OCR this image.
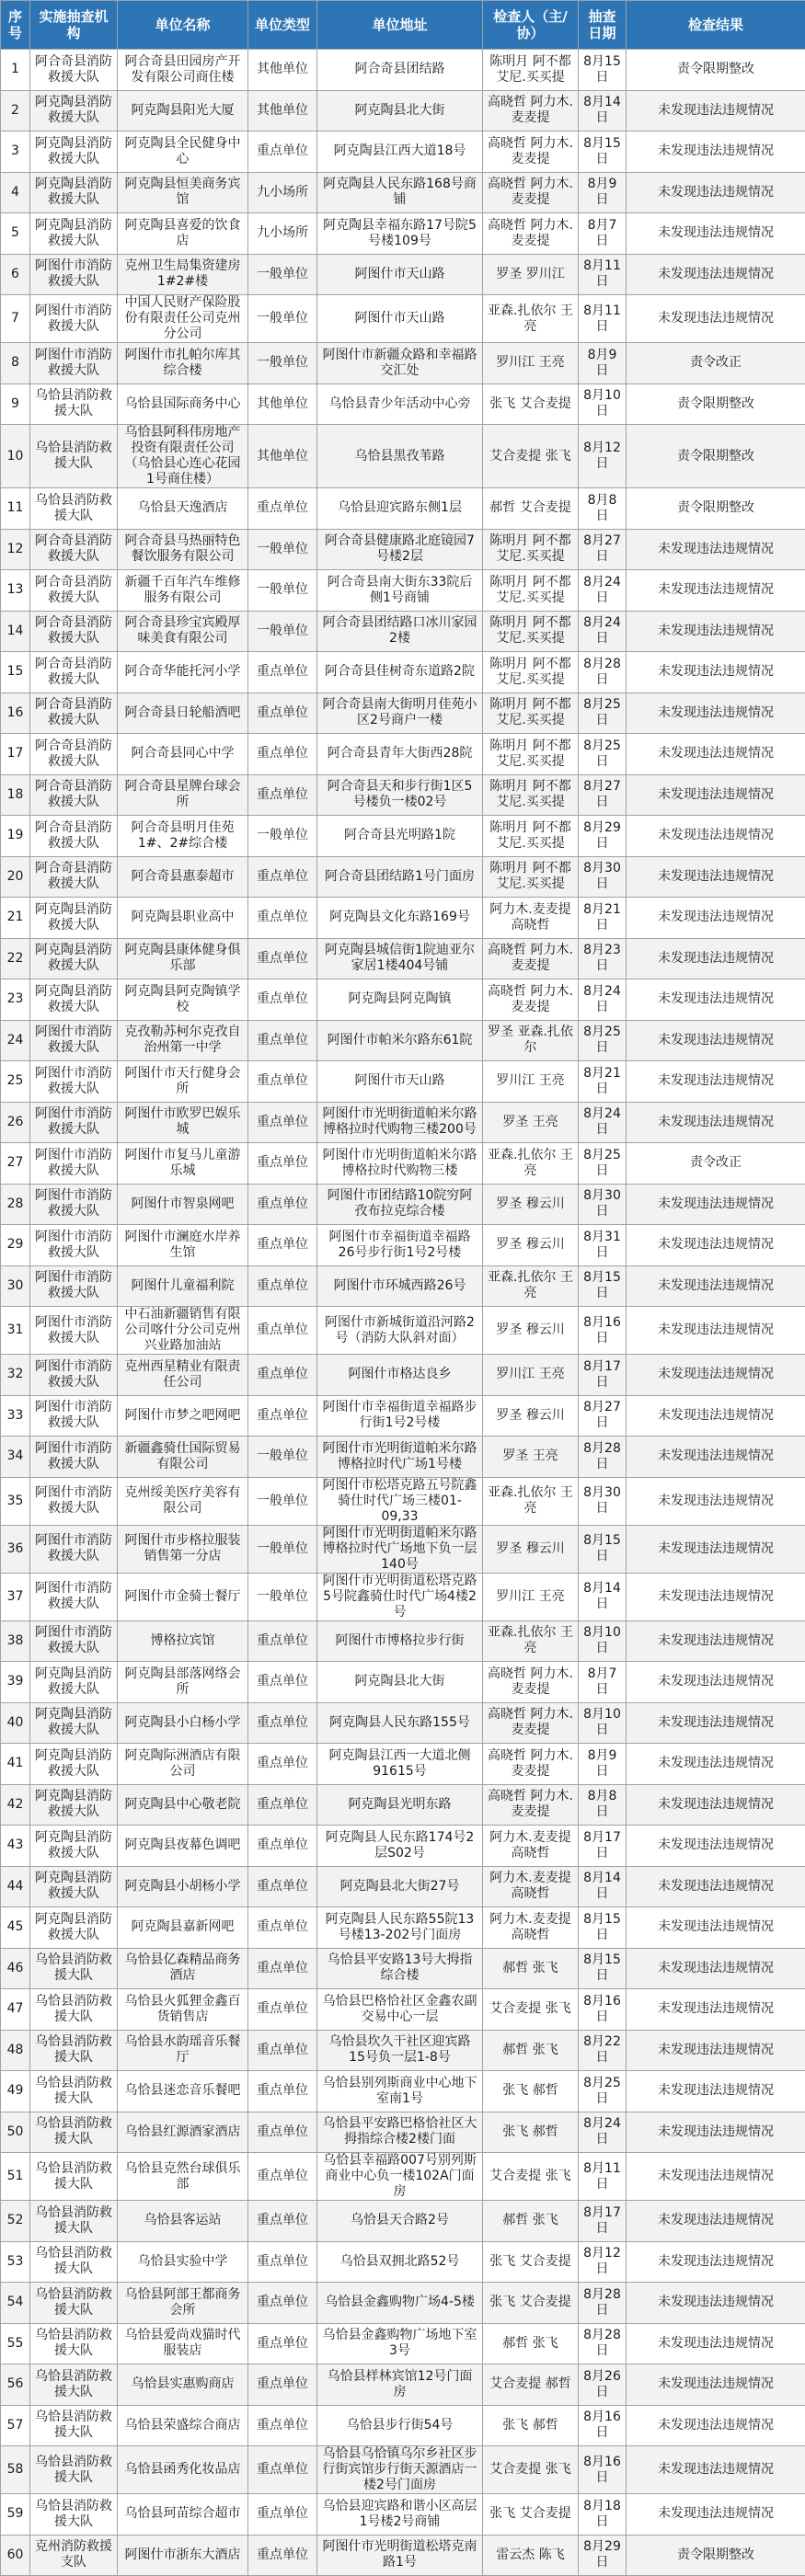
序号	实施抽查机构	单位名称	单位类型	单位地址	检查人（主/协）	抽查日期	检查结果
1	阿合奇县消防救援大队	阿合奇县田园房产开发有限公司商住楼	其他单位	阿合奇县团结路	陈明月 阿不都艾尼.买买提	8月15日	责令限期整改
2	阿克陶县消防救援大队	阿克陶县阳光大厦	其他单位	阿克陶县北大街	高晓哲 阿力木.麦麦提	8月14日	未发现违法违规情况
3	阿克陶县消防救援大队	阿克陶县全民健身中心	重点单位	阿克陶县江西大道18号	高晓哲 阿力木.麦麦提	8月15日	未发现违法违规情况
4	阿克陶县消防救援大队	阿克陶县恒美商务宾馆	九小场所	阿克陶县人民东路168号商铺	高晓哲 阿力木.麦麦提	8月9日	未发现违法违规情况
5	阿克陶县消防救援大队	阿克陶县喜爱的饮食店	九小场所	阿克陶县幸福东路17号院5号楼109号	高晓哲 阿力木.麦麦提	8月7日	未发现违法违规情况
6	阿图什市消防救援大队	克州卫生局集资建房1#2#楼	一般单位	阿图什市天山路	罗圣 罗川江	8月11日	未发现违法违规情况
7	阿图什市消防救援大队	中国人民财产保险股份有限责任公司克州分公司	一般单位	阿图什市天山路	亚森.扎依尔 王亮	8月11日	未发现违法违规情况
8	阿图什市消防救援大队	阿图什市扎帕尔库其综合楼	一般单位	阿图什市新疆众路和幸福路交汇处	罗川江 王亮	8月9日	责令改正
9	乌恰县消防救援大队	乌恰县国际商务中心	其他单位	乌恰县青少年活动中心旁	张飞 艾合麦提	8月10日	责令限期整改
10	乌恰县消防救援大队	乌恰县阿科伟房地产投资有限责任公司（乌恰县心连心花园1号商住楼）	其他单位	乌恰县黑孜苇路	艾合麦提 张飞	8月12日	责令限期整改
11	乌恰县消防救援大队	乌恰县天逸酒店	重点单位	乌恰县迎宾路东侧1层	郝哲 艾合麦提	8月8日	责令限期整改
12	阿合奇县消防救援大队	阿合奇县马热丽特色餐饮服务有限公司	一般单位	阿合奇县健康路北庭镜园7号楼2层	陈明月 阿不都艾尼.买买提	8月27日	未发现违法违规情况
13	阿合奇县消防救援大队	新疆千百年汽车维修服务有限公司	一般单位	阿合奇县南大街东33院后侧1号商铺	陈明月 阿不都艾尼.买买提	8月24日	未发现违法违规情况
14	阿合奇县消防救援大队	阿合奇县珍宝宾殿厚味美食有限公司	一般单位	阿合奇县团结路口冰川家园2楼	陈明月 阿不都艾尼.买买提	8月24日	未发现违法违规情况
15	阿合奇县消防救援大队	阿合奇华能托河小学	重点单位	阿合奇县佳树奇东道路2院	陈明月 阿不都艾尼.买买提	8月28日	未发现违法违规情况
16	阿合奇县消防救援大队	阿合奇县日轮船酒吧	重点单位	阿合奇县南大街明月佳苑小区2号商户一楼	陈明月 阿不都艾尼.买买提	8月25日	未发现违法违规情况
17	阿合奇县消防救援大队	阿合奇县同心中学	重点单位	阿合奇县青年大街西28院	陈明月 阿不都艾尼.买买提	8月25日	未发现违法违规情况
18	阿合奇县消防救援大队	阿合奇县星牌台球会所	重点单位	阿合奇县天和步行街1区5号楼负一楼02号	陈明月 阿不都艾尼.买买提	8月27日	未发现违法违规情况
19	阿合奇县消防救援大队	阿合奇县明月佳苑1#、2#综合楼	一般单位	阿合奇县光明路1院	陈明月 阿不都艾尼.买买提	8月29日	未发现违法违规情况
20	阿合奇县消防救援大队	阿合奇县惠泰超市	重点单位	阿合奇县团结路1号门面房	陈明月 阿不都艾尼.买买提	8月30日	未发现违法违规情况
21	阿克陶县消防救援大队	阿克陶县职业高中	重点单位	阿克陶县文化东路169号	阿力木.麦麦提 高晓哲	8月21日	未发现违法违规情况
22	阿克陶县消防救援大队	阿克陶县康体健身俱乐部	重点单位	阿克陶县城信街1院迪亚尔家居1楼404号铺	高晓哲 阿力木.麦麦提	8月23日	未发现违法违规情况
23	阿克陶县消防救援大队	阿克陶县阿克陶镇学校	重点单位	阿克陶县阿克陶镇	高晓哲 阿力木.麦麦提	8月24日	未发现违法违规情况
24	阿图什市消防救援大队	克孜勒苏柯尔克孜自治州第一中学	重点单位	阿图什市帕米尔路东61院	罗圣 亚森.扎依尔	8月25日	未发现违法违规情况
25	阿图什市消防救援大队	阿图什市天行健身会所	重点单位	阿图什市天山路	罗川江 王亮	8月21日	未发现违法违规情况
26	阿图什市消防救援大队	阿图什市欧罗巴娱乐城	重点单位	阿图什市光明街道帕米尔路博格拉时代购物三楼200号	罗圣 王亮	8月24日	未发现违法违规情况
27	阿图什市消防救援大队	阿图什市复马儿童游乐城	重点单位	阿图什市光明街道帕米尔路博格拉时代购物三楼	亚森.扎依尔 王亮	8月25日	责令改正
28	阿图什市消防救援大队	阿图什市智泉网吧	重点单位	阿图什市团结路10院穷阿孜布拉克综合楼	罗圣 穆云川	8月30日	未发现违法违规情况
29	阿图什市消防救援大队	阿图什市澜庭水岸养生馆	重点单位	阿图什市幸福街道幸福路26号步行街1号2号楼	罗圣 穆云川	8月31日	未发现违法违规情况
30	阿图什市消防救援大队	阿图什儿童福利院	重点单位	阿图什市环城西路26号	亚森.扎依尔 王亮	8月15日	未发现违法违规情况
31	阿图什市消防救援大队	中石油新疆销售有限公司喀什分公司克州兴业路加油站	重点单位	阿图什市新城街道沿河路2号（消防大队斜对面）	罗圣 穆云川	8月16日	未发现违法违规情况
32	阿图什市消防救援大队	克州西星精业有限责任公司	重点单位	阿图什市格达良乡	罗川江 王亮	8月17日	未发现违法违规情况
33	阿图什市消防救援大队	阿图什市梦之吧网吧	重点单位	阿图什市幸福街道幸福路步行街1号2号楼	罗圣 穆云川	8月27日	未发现违法违规情况
34	阿图什市消防救援大队	新疆鑫骑仕国际贸易有限公司	一般单位	阿图什市光明街道帕米尔路博格拉时代广场1号楼	罗圣 王亮	8月28日	未发现违法违规情况
35	阿图什市消防救援大队	克州绥美医疗美容有限公司	一般单位	阿图什市松塔克路五号院鑫骑仕时代广场三楼01-09,33	亚森.扎依尔 王亮	8月30日	未发现违法违规情况
36	阿图什市消防救援大队	阿图什市步格拉服装销售第一分店	一般单位	阿图什市光明街道帕米尔路博格拉时代广场地下负一层140号	罗圣 穆云川	8月15日	未发现违法违规情况
37	阿图什市消防救援大队	阿图什市金骑士餐厅	一般单位	阿图什市光明街道松塔克路5号院鑫骑仕时代广场4楼2号	罗川江 王亮	8月14日	未发现违法违规情况
38	阿图什市消防救援大队	博格拉宾馆	重点单位	阿图什市博格拉步行街	亚森.扎依尔 王亮	8月10日	未发现违法违规情况
39	阿克陶县消防救援大队	阿克陶县部落网络会所	重点单位	阿克陶县北大街	高晓哲 阿力木.麦麦提	8月7日	未发现违法违规情况
40	阿克陶县消防救援大队	阿克陶县小白杨小学	重点单位	阿克陶县人民东路155号	高晓哲 阿力木.麦麦提	8月10日	未发现违法违规情况
41	阿克陶县消防救援大队	阿克陶际洲酒店有限公司	重点单位	阿克陶县江西一大道北侧91615号	高晓哲 阿力木.麦麦提	8月9日	未发现违法违规情况
42	阿克陶县消防救援大队	阿克陶县中心敬老院	重点单位	阿克陶县光明东路	高晓哲 阿力木.麦麦提	8月8日	未发现违法违规情况
43	阿克陶县消防救援大队	阿克陶县夜幕色调吧	重点单位	阿克陶县人民东路174号2层S02号	阿力木.麦麦提 高晓哲	8月17日	未发现违法违规情况
44	阿克陶县消防救援大队	阿克陶县小胡杨小学	重点单位	阿克陶县北大街27号	阿力木.麦麦提 高晓哲	8月14日	未发现违法违规情况
45	阿克陶县消防救援大队	阿克陶县嘉新网吧	重点单位	阿克陶县人民东路55院13号楼13-202号门面房	阿力木.麦麦提 高晓哲	8月15日	未发现违法违规情况
46	乌恰县消防救援大队	乌恰县亿森精品商务酒店	重点单位	乌恰县平安路13号大拇指综合楼	郝哲 张飞	8月15日	未发现违法违规情况
47	乌恰县消防救援大队	乌恰县火狐狸金鑫百货销售店	重点单位	乌恰县巴格恰社区金鑫农副交易中心一层	艾合麦提 张飞	8月16日	未发现违法违规情况
48	乌恰县消防救援大队	乌恰县水韵瑶音乐餐厅	重点单位	乌恰县坎久干社区迎宾路15号负一层1-8号	郝哲 张飞	8月22日	未发现违法违规情况
49	乌恰县消防救援大队	乌恰县迷恋音乐餐吧	重点单位	乌恰县别列斯商业中心地下室南1号	张飞 郝哲	8月25日	未发现违法违规情况
50	乌恰县消防救援大队	乌恰县红源酒家酒店	重点单位	乌恰县平安路巴格恰社区大拇指综合楼2楼门面	张飞 郝哲	8月24日	未发现违法违规情况
51	乌恰县消防救援大队	乌恰县克然台球俱乐部	重点单位	乌恰县幸福路007号别列斯商业中心负一楼102A门面房	艾合麦提 张飞	8月11日	未发现违法违规情况
52	乌恰县消防救援大队	乌恰县客运站	重点单位	乌恰县天合路2号	郝哲 张飞	8月17日	未发现违法违规情况
53	乌恰县消防救援大队	乌恰县实验中学	重点单位	乌恰县双拥北路52号	张飞 艾合麦提	8月12日	未发现违法违规情况
54	乌恰县消防救援大队	乌恰县阿部王都商务会所	重点单位	乌恰县金鑫购物广场4-5楼	张飞 艾合麦提	8月28日	未发现违法违规情况
55	乌恰县消防救援大队	乌恰县爱尚戏猫时代服装店	重点单位	乌恰县金鑫购物广场地下室3号	郝哲 张飞	8月28日	未发现违法违规情况
56	乌恰县消防救援大队	乌恰县实惠购商店	重点单位	乌恰县样林宾馆12号门面房	艾合麦提 郝哲	8月26日	未发现违法违规情况
57	乌恰县消防救援大队	乌恰县荣盛综合商店	重点单位	乌恰县步行街54号	张飞 郝哲	8月16日	未发现违法违规情况
58	乌恰县消防救援大队	乌恰县函秀化妆品店	重点单位	乌恰县乌恰镇乌尔乡社区步行街宾馆步行街天源酒店一楼2号门面房	艾合麦提 张飞	8月16日	未发现违法违规情况
59	乌恰县消防救援大队	乌恰县珂苗综合超市	重点单位	乌恰县迎宾路和谐小区高层1号楼2号商铺	张飞 艾合麦提	8月18日	未发现违法违规情况
60	克州消防救援支队	阿图什市浙东大酒店	重点单位	阿图什市光明街道松塔克南路1号	雷云杰 陈飞	8月29日	责令限期整改
